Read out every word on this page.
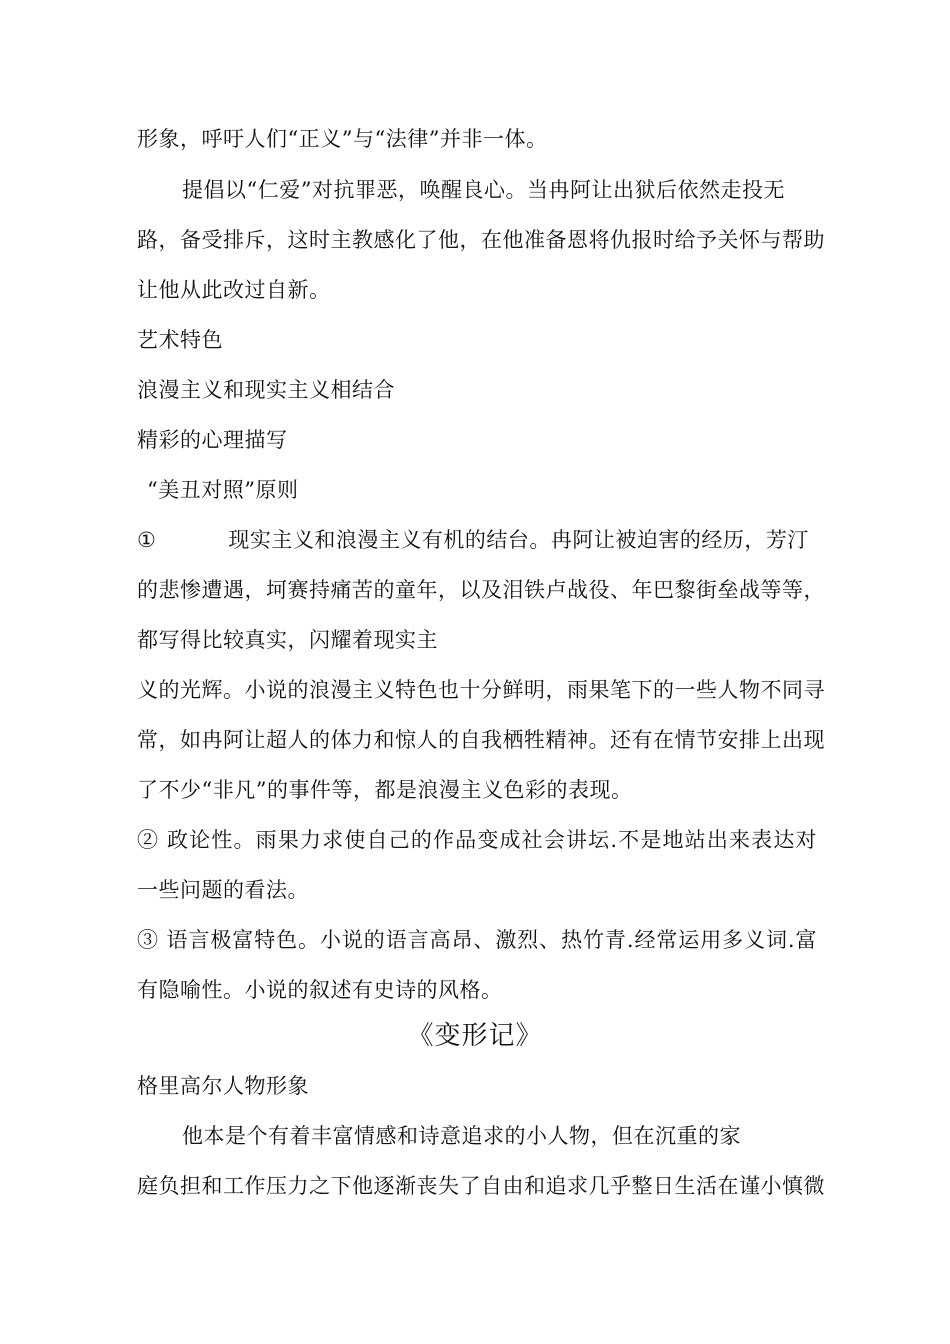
形象，呼吁人们“正义”与“法律”并非一体。
提倡以“仁爱”对抗罪恶，唤醒良心。当冉阿让出狱后依然走投无
路，备受排斥，这时主教感化了他，在他准备恩将仇报时给予关怀与帮助
让他从此改过自新。
艺术特色
浪漫主义和现实主义相结合
精彩的心理描写
“美丑对照”原则
①	现实主义和浪漫主义有机的结台。冉阿让被迫害的经历，芳汀
的悲惨遭遇，坷赛持痛苦的童年，以及泪铁卢战役、年巴黎街垒战等等，
都写得比较真实，闪耀着现实主
义的光辉。小说的浪漫主义特色也十分鲜明，雨果笔下的一些人物不同寻
常，如冉阿让超人的体力和惊人的自我栖牲精神。还有在情节安排上出现
了不少“非凡”的事件等，都是浪漫主义色彩的表现。
② 政论性。雨果力求使自己的作品变成社会讲坛.不是地站出来表达对
一些问题的看法。
③ 语言极富特色。小说的语言高昂、激烈、热竹青.经常运用多义词.富
有隐喻性。小说的叙述有史诗的风格。
《变形记》
格里高尔人物形象
他本是个有着丰富情感和诗意追求的小人物，但在沉重的家
庭负担和工作压力之下他逐渐丧失了自由和追求几乎整日生活在谨小慎微
